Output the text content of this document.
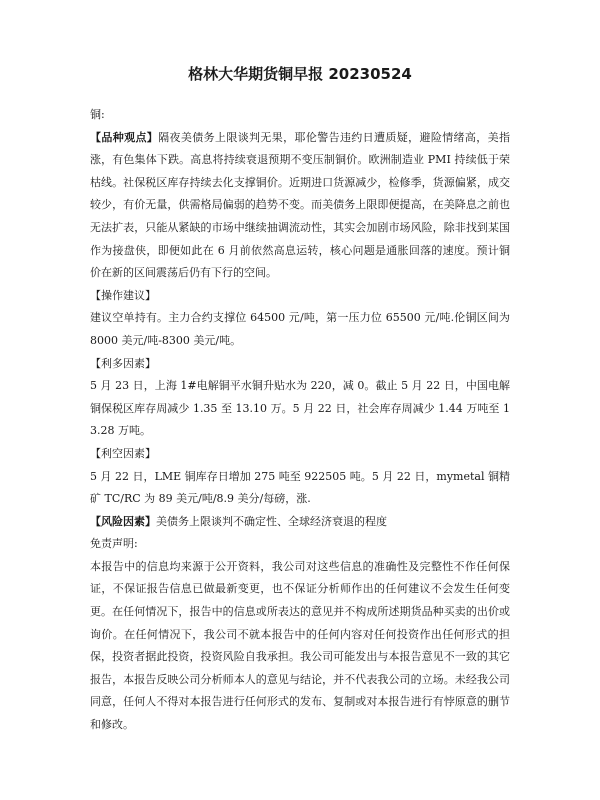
格林大华期货铜早报 20230524

铜:

【品种观点】隔夜美债务上限谈判无果，耶伦警告违约日遭质疑，避险情绪高，美指涨，有色集体下跌。高息将持续衰退预期不变压制铜价。欧洲制造业 PMI 持续低于荣枯线。社保税区库存持续去化支撑铜价。近期进口货源减少，检修季，货源偏紧，成交较少，有价无量，供需格局偏弱的趋势不变。而美债务上限即便提高，在美降息之前也无法扩表，只能从紧缺的市场中继续抽调流动性，其实会加剧市场风险，除非找到某国作为接盘侠，即便如此在 6 月前依然高息运转，核心问题是通胀回落的速度。预计铜价在新的区间震荡后仍有下行的空间。

【操作建议】

建议空单持有。主力合约支撑位 64500 元/吨，第一压力位 65500 元/吨.伦铜区间为 8000 美元/吨-8300 美元/吨。

【利多因素】

5 月 23 日，上海 1#电解铜平水铜升贴水为 220，减 0。截止 5 月 22 日，中国电解铜保税区库存周减少 1.35 至 13.10 万。5 月 22 日，社会库存周减少 1.44 万吨至 13.28 万吨。

【利空因素】

5 月 22 日，LME 铜库存日增加 275 吨至 922505 吨。5 月 22 日，mymetal 铜精矿 TC/RC 为 89 美元/吨/8.9 美分/每磅，涨.

【风险因素】美债务上限谈判不确定性、全球经济衰退的程度

免责声明:

本报告中的信息均来源于公开资料，我公司对这些信息的准确性及完整性不作任何保证，不保证报告信息已做最新变更，也不保证分析师作出的任何建议不会发生任何变更。在任何情况下，报告中的信息或所表达的意见并不构成所述期货品种买卖的出价或询价。在任何情况下，我公司不就本报告中的任何内容对任何投资作出任何形式的担保，投资者据此投资，投资风险自我承担。我公司可能发出与本报告意见不一致的其它报告，本报告反映公司分析师本人的意见与结论，并不代表我公司的立场。未经我公司同意，任何人不得对本报告进行任何形式的发布、复制或对本报告进行有悖原意的删节和修改。
